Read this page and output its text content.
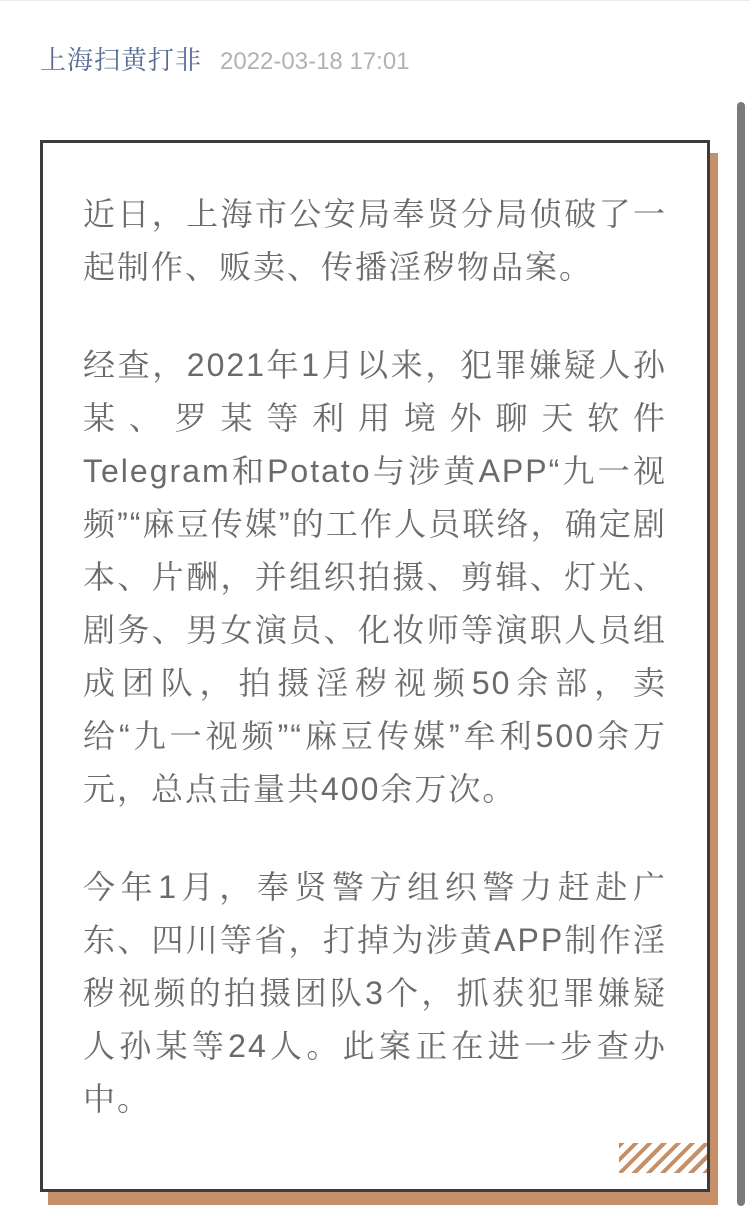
上海扫黄打非 2022-03-18 17:01

近日，上海市公安局奉贤分局侦破了一起制作、贩卖、传播淫秽物品案。

经查，2021年1月以来，犯罪嫌疑人孙某、罗某等利用境外聊天软件Telegram和Potato与涉黄APP“九一视频”“麻豆传媒”的工作人员联络，确定剧本、片酬，并组织拍摄、剪辑、灯光、剧务、男女演员、化妆师等演职人员组成团队，拍摄淫秽视频50余部，卖给“九一视频”“麻豆传媒”牟利500余万元，总点击量共400余万次。

今年1月，奉贤警方组织警力赶赴广东、四川等省，打掉为涉黄APP制作淫秽视频的拍摄团队3个，抓获犯罪嫌疑人孙某等24人。此案正在进一步查办中。
